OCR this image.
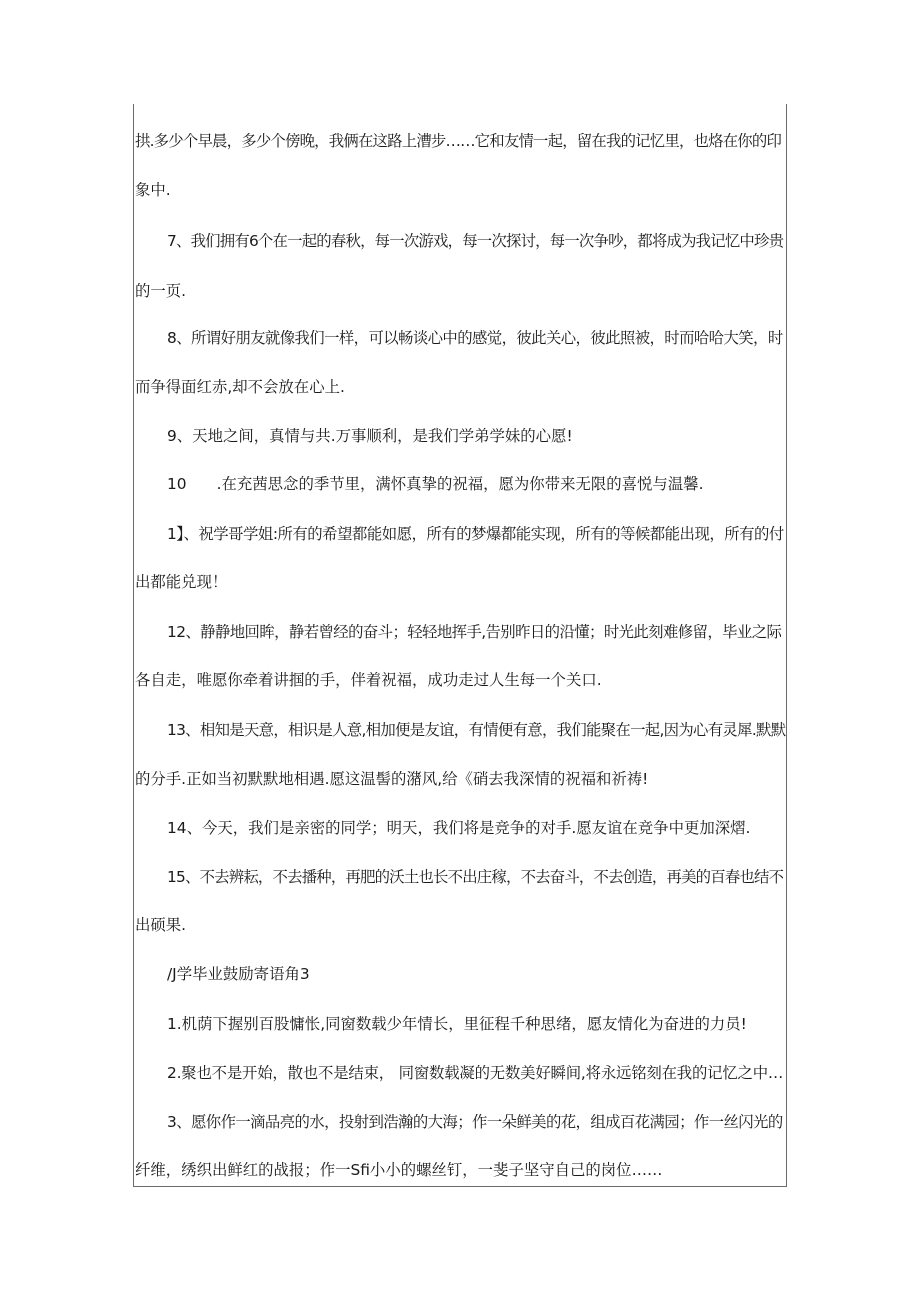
拱.多少个早晨，多少个傍晚，我俩在这路上漕步……它和友情一起，留在我的记忆里，也烙在你的印
象中.
7、我们拥有6个在一起的春秋，每一次游戏，每一次探讨，每一次争吵，都将成为我记忆中珍贵
的一页.
8、所谓好朋友就像我们一样，可以畅谈心中的感觉，彼此关心，彼此照被，时而哈哈大笑，时
而争得面红赤,却不会放在心上.
9、天地之间，真情与共.万事顺利，是我们学弟学妹的心愿!
10 .在充茜思念的季节里，满怀真挚的祝福，愿为你带来无限的喜悦与温馨.
1】、祝学哥学姐:所有的希望都能如愿，所有的梦爆都能实现，所有的等候都能出现，所有的付
出都能兑现！
12、静静地回眸，静若曾经的奋斗；轻轻地挥手,告别昨日的沿懂；时光此刻难修留，毕业之际
各自走，唯愿你牵着讲掴的手，伴着祝福，成功走过人生每一个关口.
13、相知是天意，相识是人意,相加便是友谊，有情便有意，我们能聚在一起,因为心有灵犀.默默
的分手.正如当初默默地相遇.愿这温髻的潴风,给《硝去我深情的祝福和祈祷!
14、今天，我们是亲密的同学；明天，我们将是竞争的对手.愿友谊在竞争中更加深熠.
15、不去辨耘，不去播种，再肥的沃土也长不出庄稼，不去奋斗，不去创造，再美的百春也结不
出硕果.
/J学毕业鼓励寄语角3
1.机荫下握别百股慵怅,同窗数载少年情长，里征程千种思绪，愿友情化为奋进的力员!
2.聚也不是开始，散也不是结束， 同窗数载凝的无数美好瞬间,将永远铭刻在我的记忆之中…
3、愿你作一滴品亮的水，投射到浩瀚的大海；作一朵鲜美的花，组成百花满园；作一丝闪光的
纤维，绣织出鲜红的战报；作一Sfi小小的螺丝钉，一斐子坚守自己的岗位……
